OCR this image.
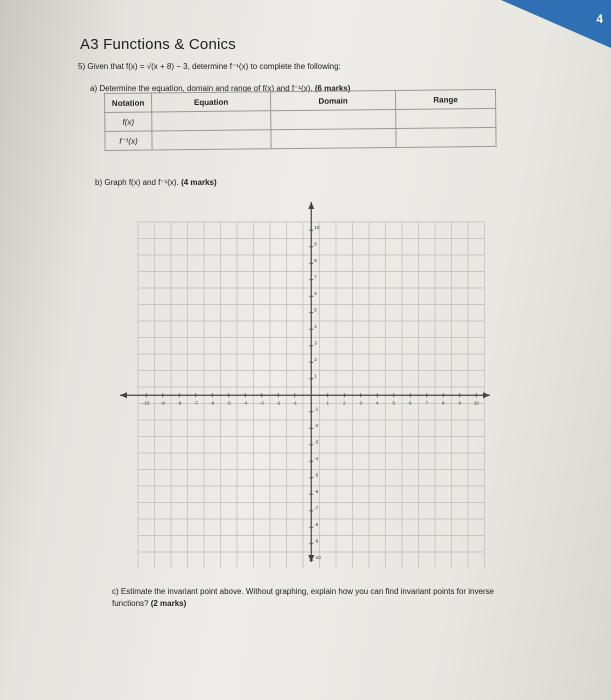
4
A3 Functions & Conics
5) Given that f(x) = √(x + 8) − 3, determine f⁻¹(x) to complete the following:
a) Determine the equation, domain and range of f(x) and f⁻¹(x). (6 marks)
Notation	Equation	Domain	Range
f(x)			
f⁻¹(x)			
b) Graph f(x) and f⁻¹(x). (4 marks)
-10 -9	-8	-7	-6	-5	-4	-3	-2	-1	1	2	3	4	5	6	7	8	9	10
10
9
8
7
6
5
4
3
2
1
-1
-2
-3
-4
-5
-6
-7
-8
-9
-10
c) Estimate the invariant point above. Without graphing, explain how you can find invariant points for inverse functions? (2 marks)
